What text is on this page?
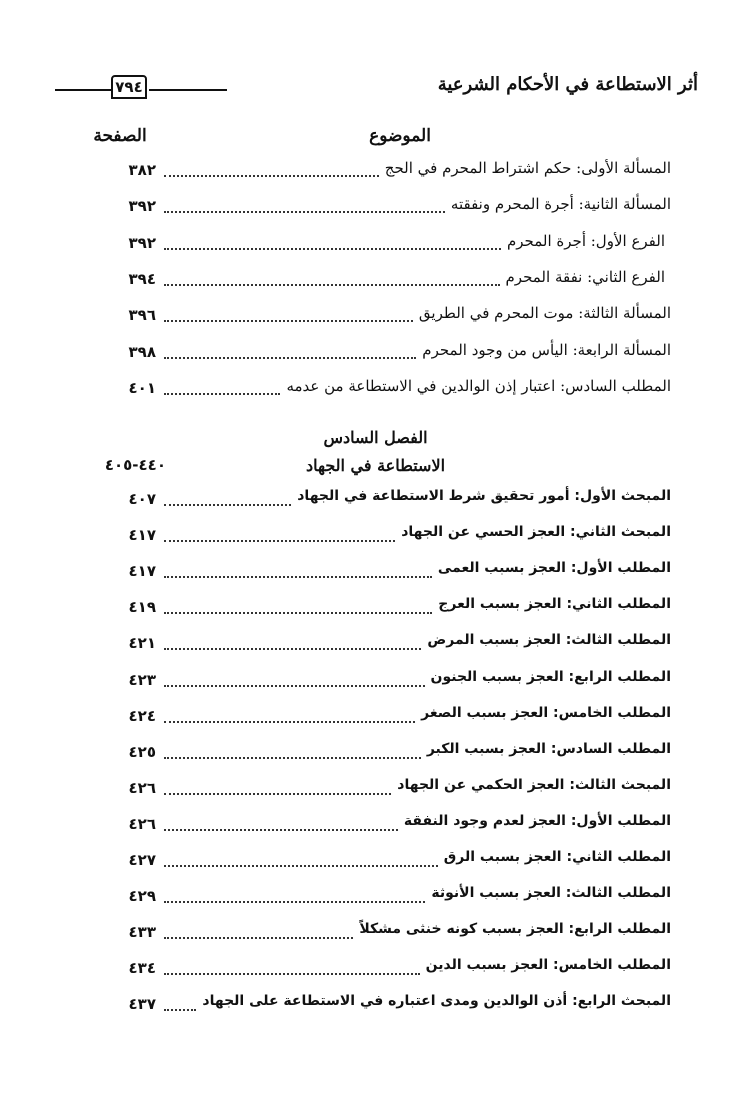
٧٩٤	أثر الاستطاعة في الأحكام الشرعية
الصفحة	الموضوع
الفصل السادس
الاستطاعة في الجهاد
٤٤٠-٤٠٥
٣٨٢	المسألة الأولى: حكم اشتراط المحرم في الحج
٣٩٢	المسألة الثانية: أجرة المحرم ونفقته
٣٩٢	الفرع الأول: أجرة المحرم
٣٩٤	الفرع الثاني: نفقة المحرم
٣٩٦	المسألة الثالثة: موت المحرم في الطريق
٣٩٨	المسألة الرابعة: اليأس من وجود المحرم
٤٠١	المطلب السادس: اعتبار إذن الوالدين في الاستطاعة من عدمه
٤٠٧	المبحث الأول: أمور تحقيق شرط الاستطاعة في الجهاد
٤١٧	المبحث الثاني: العجز الحسي عن الجهاد
٤١٧	المطلب الأول: العجز بسبب العمى
٤١٩	المطلب الثاني: العجز بسبب العرج
٤٢١	المطلب الثالث: العجز بسبب المرض
٤٢٣	المطلب الرابع: العجز بسبب الجنون
٤٢٤	المطلب الخامس: العجز بسبب الصغر
٤٢٥	المطلب السادس: العجز بسبب الكبر
٤٢٦	المبحث الثالث: العجز الحكمي عن الجهاد
٤٢٦	المطلب الأول: العجز لعدم وجود النفقة
٤٢٧	المطلب الثاني: العجز بسبب الرق
٤٢٩	المطلب الثالث: العجز بسبب الأنوثة
٤٣٣	المطلب الرابع: العجز بسبب كونه خنثى مشكلاً
٤٣٤	المطلب الخامس: العجز بسبب الدين
٤٣٧	المبحث الرابع: أذن الوالدين ومدى اعتباره في الاستطاعة على الجهاد
